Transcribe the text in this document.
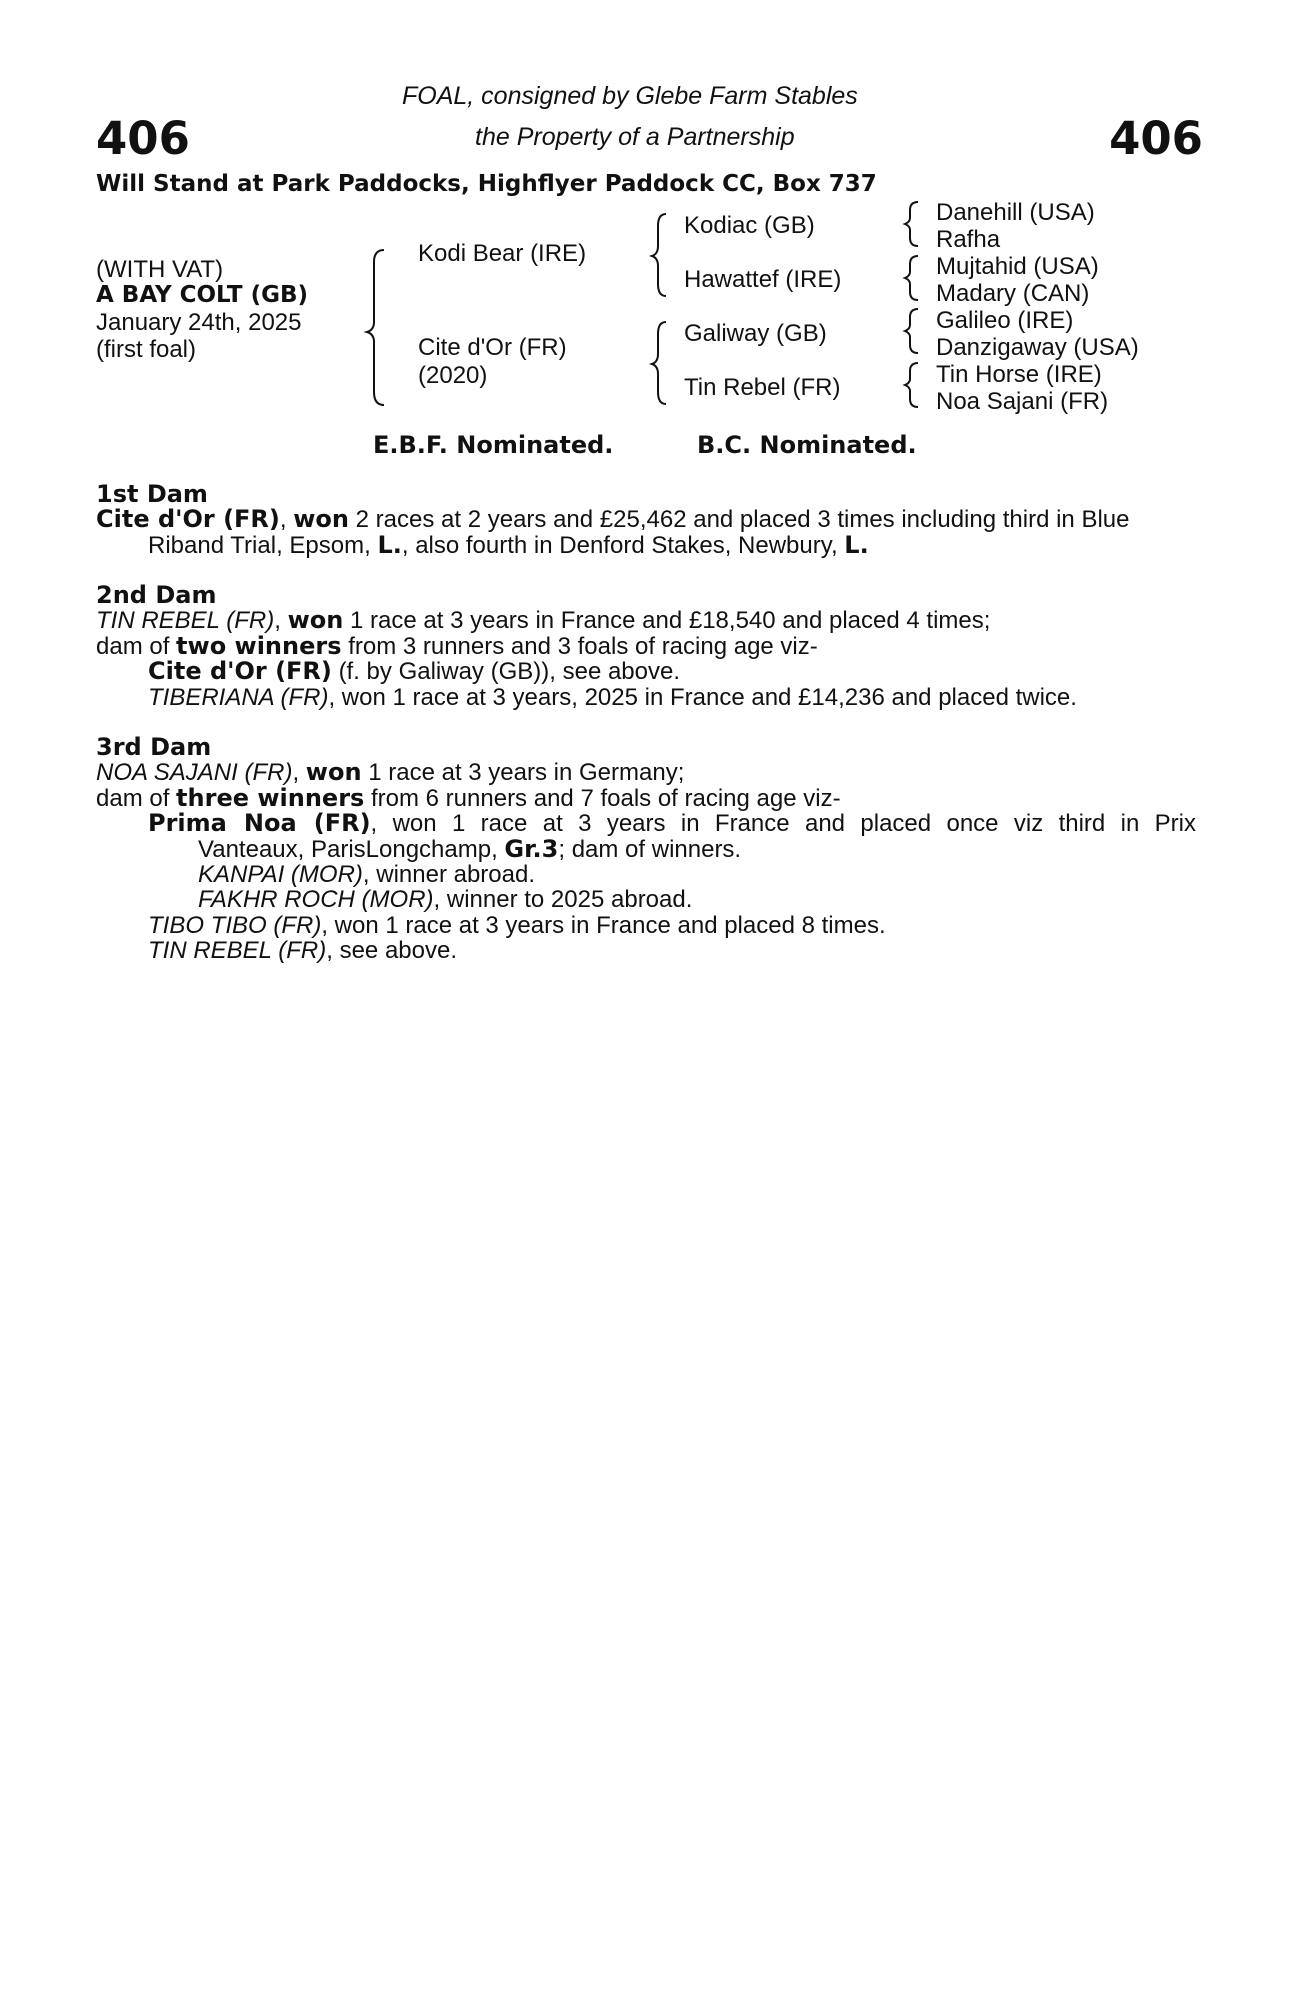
406	406
FOAL, consigned by Glebe Farm Stables
the Property of a Partnership
Will Stand at Park Paddocks, Highflyer Paddock CC, Box 737
(WITH VAT)
A BAY COLT (GB)
January 24th, 2025
(first foal)
Kodi Bear (IRE)
Cite d'Or (FR)
(2020)
Kodiac (GB)
Hawattef (IRE)
Galiway (GB)
Tin Rebel (FR)
Danehill (USA)
Rafha
Mujtahid (USA)
Madary (CAN)
Galileo (IRE)
Danzigaway (USA)
Tin Horse (IRE)
Noa Sajani (FR)
E.B.F. Nominated.	B.C. Nominated.

1st Dam

Cite d'Or (FR), won 2 races at 2 years and £25,462 and placed 3 times including third in Blue

Riband Trial, Epsom, L., also fourth in Denford Stakes, Newbury, L.

2nd Dam

TIN REBEL (FR), won 1 race at 3 years in France and £18,540 and placed 4 times;

dam of two winners from 3 runners and 3 foals of racing age viz-

Cite d'Or (FR) (f. by Galiway (GB)), see above.

TIBERIANA (FR), won 1 race at 3 years, 2025 in France and £14,236 and placed twice.

3rd Dam

NOA SAJANI (FR), won 1 race at 3 years in Germany;

dam of three winners from 6 runners and 7 foals of racing age viz-

Prima Noa (FR), won 1 race at 3 years in France and placed once viz third in Prix

Vanteaux, ParisLongchamp, Gr.3; dam of winners.

KANPAI (MOR), winner abroad.

FAKHR ROCH (MOR), winner to 2025 abroad.

TIBO TIBO (FR), won 1 race at 3 years in France and placed 8 times.

TIN REBEL (FR), see above.
